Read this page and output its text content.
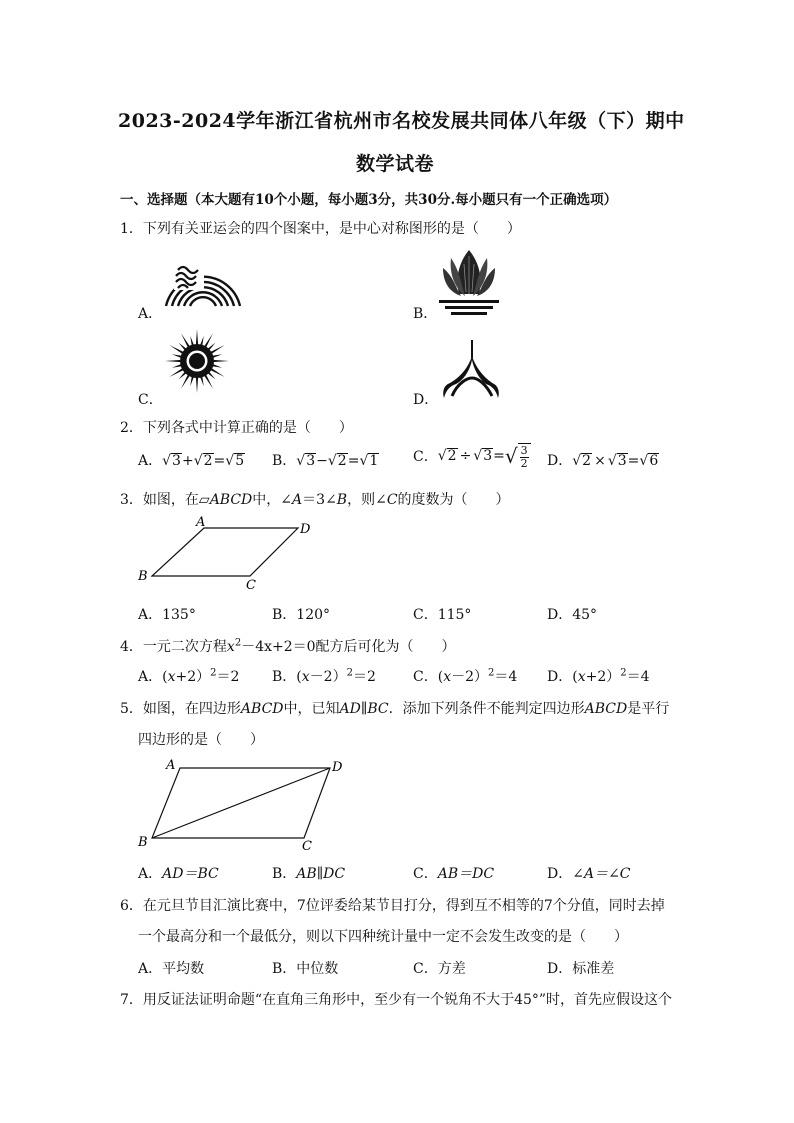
2023-2024学年浙江省杭州市名校发展共同体八年级（下）期中
数学试卷
一、选择题（本大题有10个小题，每小题3分，共30分.每小题只有一个正确选项）
1．下列有关亚运会的四个图案中，是中心对称图形的是（　　）
A．	B．
C．	D．
2．下列各式中计算正确的是（　　）
A．√3+√2=√5 B．√3−√2=√1 C．$√2 \div √3=√ \frac{3}{2}$ D．√2 × √3=√6
3．如图，在▱ABCD中，∠A＝3∠B，则∠C的度数为（　　）
A	D
B
C
A．135°	B．120°	C．115°	D．45°
4．一元二次方程$x^2-4x+2=0$配方后可化为（　　）
A．(x+2）$^2$＝2 B．(x－2）$^2$＝2	C．(x－2）$^2$＝4 D．(x+2）$^2$＝4
5．如图，在四边形ABCD中，已知AD∥BC．添加下列条件不能判定四边形ABCD是平行
四边形的是（　　）
A	D
B	C
A．AD＝BC	B．AB∥DC	C．AB＝DC	D．∠A＝∠C
6．在元旦节目汇演比赛中，7位评委给某节目打分，得到互不相等的7个分值，同时去掉
一个最高分和一个最低分，则以下四种统计量中一定不会发生改变的是（　　）
A．平均数	B．中位数	C．方差	D．标准差
7．用反证法证明命题“在直角三角形中，至少有一个锐角不大于45°”时，首先应假设这个
